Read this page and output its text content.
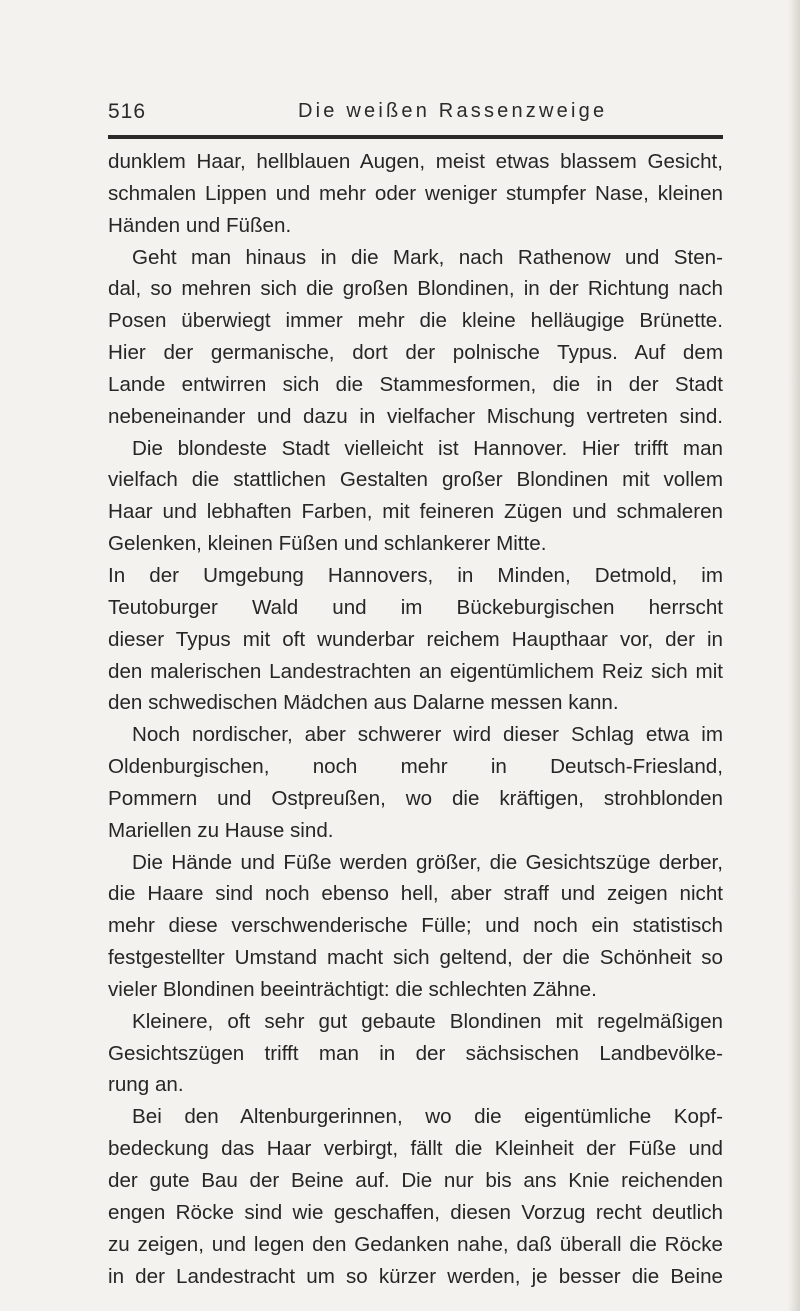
516	Die weißen Rassenzweige
dunklem Haar, hellblauen Augen, meist etwas blassem Gesicht,
schmalen Lippen und mehr oder weniger stumpfer Nase, kleinen
Händen und Füßen.
Geht man hinaus in die Mark, nach Rathenow und Sten-
dal, so mehren sich die großen Blondinen, in der Richtung nach
Posen überwiegt immer mehr die kleine helläugige Brünette.
Hier der germanische, dort der polnische Typus. Auf dem
Lande entwirren sich die Stammesformen, die in der Stadt
nebeneinander und dazu in vielfacher Mischung vertreten sind.
Die blondeste Stadt vielleicht ist Hannover. Hier trifft man
vielfach die stattlichen Gestalten großer Blondinen mit vollem
Haar und lebhaften Farben, mit feineren Zügen und schmaleren
Gelenken, kleinen Füßen und schlankerer Mitte.
In der Umgebung Hannovers, in Minden, Detmold, im
Teutoburger Wald und im Bückeburgischen herrscht
dieser Typus mit oft wunderbar reichem Haupthaar vor, der in
den malerischen Landestrachten an eigentümlichem Reiz sich mit
den schwedischen Mädchen aus Dalarne messen kann.
Noch nordischer, aber schwerer wird dieser Schlag etwa im
Oldenburgischen, noch mehr in Deutsch-Friesland,
Pommern und Ostpreußen, wo die kräftigen, strohblonden
Mariellen zu Hause sind.
Die Hände und Füße werden größer, die Gesichtszüge derber,
die Haare sind noch ebenso hell, aber straff und zeigen nicht
mehr diese verschwenderische Fülle; und noch ein statistisch
festgestellter Umstand macht sich geltend, der die Schönheit so
vieler Blondinen beeinträchtigt: die schlechten Zähne.
Kleinere, oft sehr gut gebaute Blondinen mit regelmäßigen
Gesichtszügen trifft man in der sächsischen Landbevölke-
rung an.
Bei den Altenburgerinnen, wo die eigentümliche Kopf-
bedeckung das Haar verbirgt, fällt die Kleinheit der Füße und
der gute Bau der Beine auf. Die nur bis ans Knie reichenden
engen Röcke sind wie geschaffen, diesen Vorzug recht deutlich
zu zeigen, und legen den Gedanken nahe, daß überall die Röcke
in der Landestracht um so kürzer werden, je besser die Beine
